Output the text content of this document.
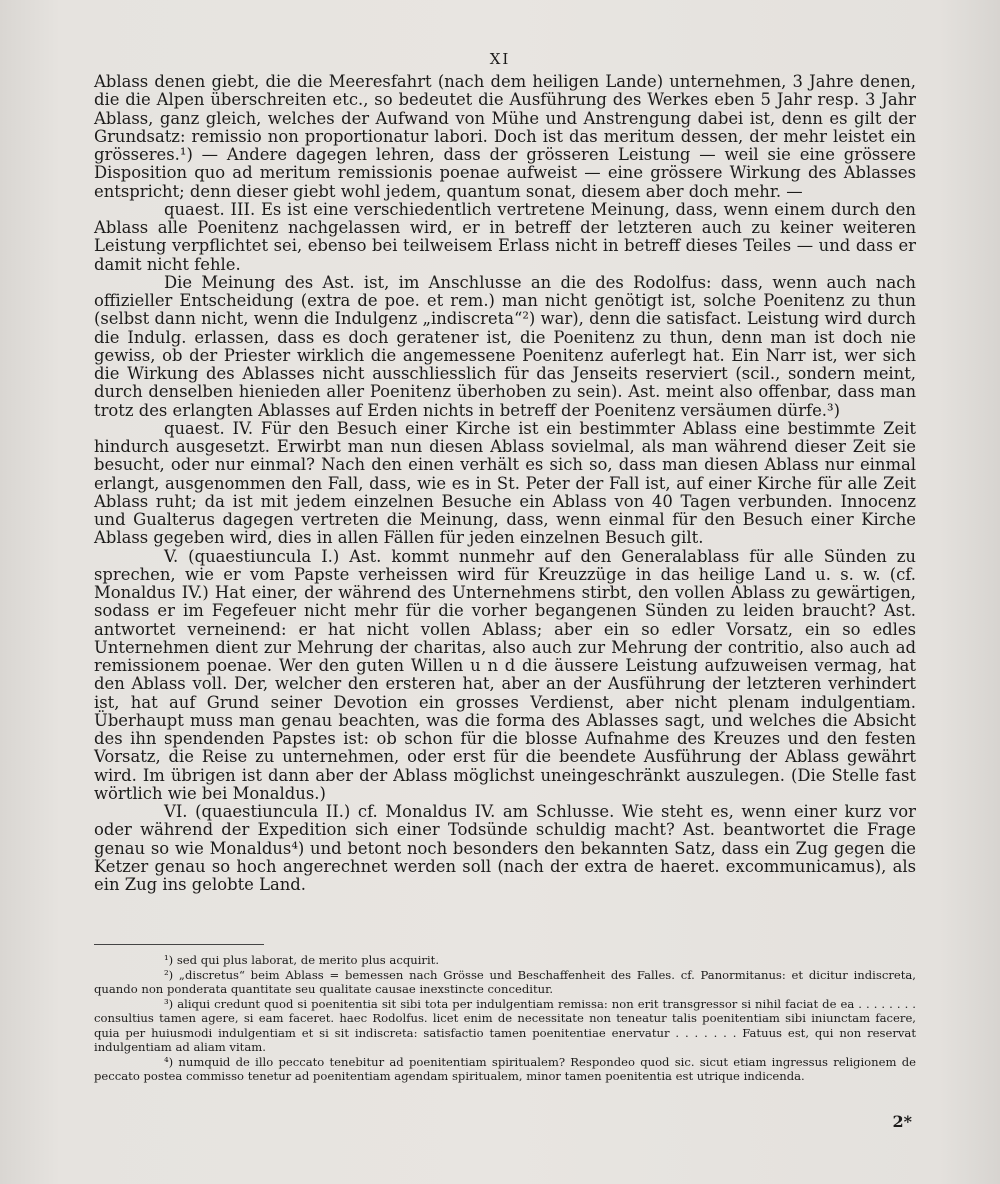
XI

Ablass denen giebt, die die Meeresfahrt (nach dem heiligen Lande) unternehmen, 3 Jahre denen, die die Alpen überschreiten etc., so bedeutet die Ausführung des Werkes eben 5 Jahr resp. 3 Jahr Ablass, ganz gleich, welches der Aufwand von Mühe und Anstrengung dabei ist, denn es gilt der Grundsatz: remissio non proportionatur labori. Doch ist das meritum dessen, der mehr leistet ein grösseres.¹) — Andere dagegen lehren, dass der grösseren Leistung — weil sie eine grössere Disposition quo ad meritum remissionis poenae aufweist — eine grössere Wirkung des Ablasses entspricht; denn dieser giebt wohl jedem, quantum sonat, diesem aber doch mehr. —

quaest. III. Es ist eine verschiedentlich vertretene Meinung, dass, wenn einem durch den Ablass alle Poenitenz nachgelassen wird, er in betreff der letzteren auch zu keiner weiteren Leistung verpflichtet sei, ebenso bei teilweisem Erlass nicht in betreff dieses Teiles — und dass er damit nicht fehle.

Die Meinung des Ast. ist, im Anschlusse an die des Rodolfus: dass, wenn auch nach offizieller Entscheidung (extra de poe. et rem.) man nicht genötigt ist, solche Poenitenz zu thun (selbst dann nicht, wenn die Indulgenz „indiscreta“²) war), denn die satisfact. Leistung wird durch die Indulg. erlassen, dass es doch geratener ist, die Poenitenz zu thun, denn man ist doch nie gewiss, ob der Priester wirklich die angemessene Poenitenz auferlegt hat. Ein Narr ist, wer sich die Wirkung des Ablasses nicht ausschliesslich für das Jenseits reserviert (scil., sondern meint, durch denselben hienieden aller Poenitenz überhoben zu sein). Ast. meint also offenbar, dass man trotz des erlangten Ablasses auf Erden nichts in betreff der Poenitenz versäumen dürfe.³)

quaest. IV. Für den Besuch einer Kirche ist ein bestimmter Ablass eine bestimmte Zeit hindurch ausgesetzt. Erwirbt man nun diesen Ablass sovielmal, als man während dieser Zeit sie besucht, oder nur einmal? Nach den einen verhält es sich so, dass man diesen Ablass nur einmal erlangt, ausgenommen den Fall, dass, wie es in St. Peter der Fall ist, auf einer Kirche für alle Zeit Ablass ruht; da ist mit jedem einzelnen Besuche ein Ablass von 40 Tagen verbunden. Innocenz und Gualterus dagegen vertreten die Meinung, dass, wenn einmal für den Besuch einer Kirche Ablass gegeben wird, dies in allen Fällen für jeden einzelnen Besuch gilt.

V. (quaestiuncula I.) Ast. kommt nunmehr auf den Generalablass für alle Sünden zu sprechen, wie er vom Papste verheissen wird für Kreuzzüge in das heilige Land u. s. w. (cf. Monaldus IV.) Hat einer, der während des Unternehmens stirbt, den vollen Ablass zu gewärtigen, sodass er im Fegefeuer nicht mehr für die vorher begangenen Sünden zu leiden braucht? Ast. antwortet verneinend: er hat nicht vollen Ablass; aber ein so edler Vorsatz, ein so edles Unternehmen dient zur Mehrung der charitas, also auch zur Mehrung der contritio, also auch ad remissionem poenae. Wer den guten Willen u n d die äussere Leistung aufzuweisen vermag, hat den Ablass voll. Der, welcher den ersteren hat, aber an der Ausführung der letzteren verhindert ist, hat auf Grund seiner Devotion ein grosses Verdienst, aber nicht plenam indulgentiam. Überhaupt muss man genau beachten, was die forma des Ablasses sagt, und welches die Absicht des ihn spendenden Papstes ist: ob schon für die blosse Aufnahme des Kreuzes und den festen Vorsatz, die Reise zu unternehmen, oder erst für die beendete Ausführung der Ablass gewährt wird. Im übrigen ist dann aber der Ablass möglichst uneingeschränkt auszulegen. (Die Stelle fast wörtlich wie bei Monaldus.)

VI. (quaestiuncula II.) cf. Monaldus IV. am Schlusse. Wie steht es, wenn einer kurz vor oder während der Expedition sich einer Todsünde schuldig macht? Ast. beantwortet die Frage genau so wie Monaldus⁴) und betont noch besonders den bekannten Satz, dass ein Zug gegen die Ketzer genau so hoch angerechnet werden soll (nach der extra de haeret. excommunicamus), als ein Zug ins gelobte Land.

¹) sed qui plus laborat, de merito plus acquirit.

²) „discretus“ beim Ablass = bemessen nach Grösse und Beschaffenheit des Falles. cf. Panormitanus: et dicitur indiscreta, quando non ponderata quantitate seu qualitate causae inexstincte conceditur.

³) aliqui credunt quod si poenitentia sit sibi tota per indulgentiam remissa: non erit transgressor si nihil faciat de ea . . . . . . . . consultius tamen agere, si eam faceret. haec Rodolfus. licet enim de necessitate non teneatur talis poenitentiam sibi iniunctam facere, quia per huiusmodi indulgentiam et si sit indiscreta: satisfactio tamen poenitentiae enervatur . . . . . . . Fatuus est, qui non reservat indulgentiam ad aliam vitam.

⁴) numquid de illo peccato tenebitur ad poenitentiam spiritualem? Respondeo quod sic. sicut etiam ingressus religionem de peccato postea commisso tenetur ad poenitentiam agendam spiritualem, minor tamen poenitentia est utrique indicenda.

2*
